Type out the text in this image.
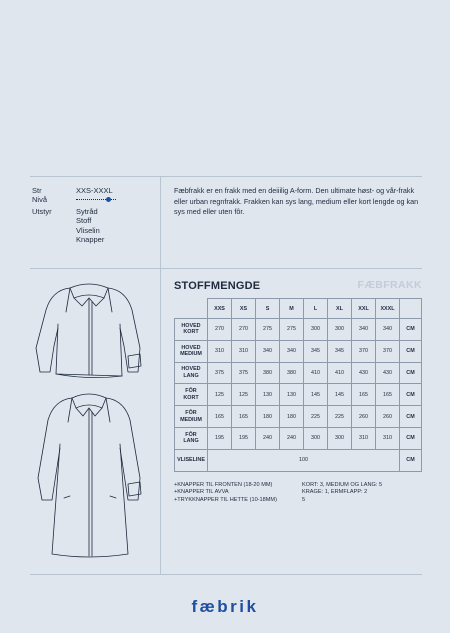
Str	XXS-XXXL
Nivå
Utstyr	Sytråd
Stoff
Vliselin
Knapper
Fæbfrakk er en frakk med en deiiilig A-form. Den ultimate høst- og vår-frakk eller urban regnfrakk. Frakken kan sys lang, medium eller kort lengde og kan sys med eller uten fôr.
STOFFMENGDE	FÆBFRAKK
	XXS	XS	S	M	L	XL	XXL	XXXL	

HOVED
KORT	270	270	275	275	300	300	340	340	CM

HOVED
MEDIUM	310	310	340	340	345	345	370	370	CM

HOVED
LANG	375	375	380	380	410	410	430	430	CM

FÔR
KORT	125	125	130	130	145	145	165	165	CM

FÔR
MEDIUM	165	165	180	180	225	225	260	260	CM

FÔR
LANG	195	195	240	240	300	300	310	310	CM
VLISELINE	100								CM
+KNAPPER TIL FRONTEN (18-20 MM)
+KNAPPER TIL AVVA
+TRYKKNAPPER TIL HETTE (10-18MM)
KORT: 3, MEDIUM OG LANG: 5
KRAGE: 1, ERMFLAPP: 2
5
fæbrik
